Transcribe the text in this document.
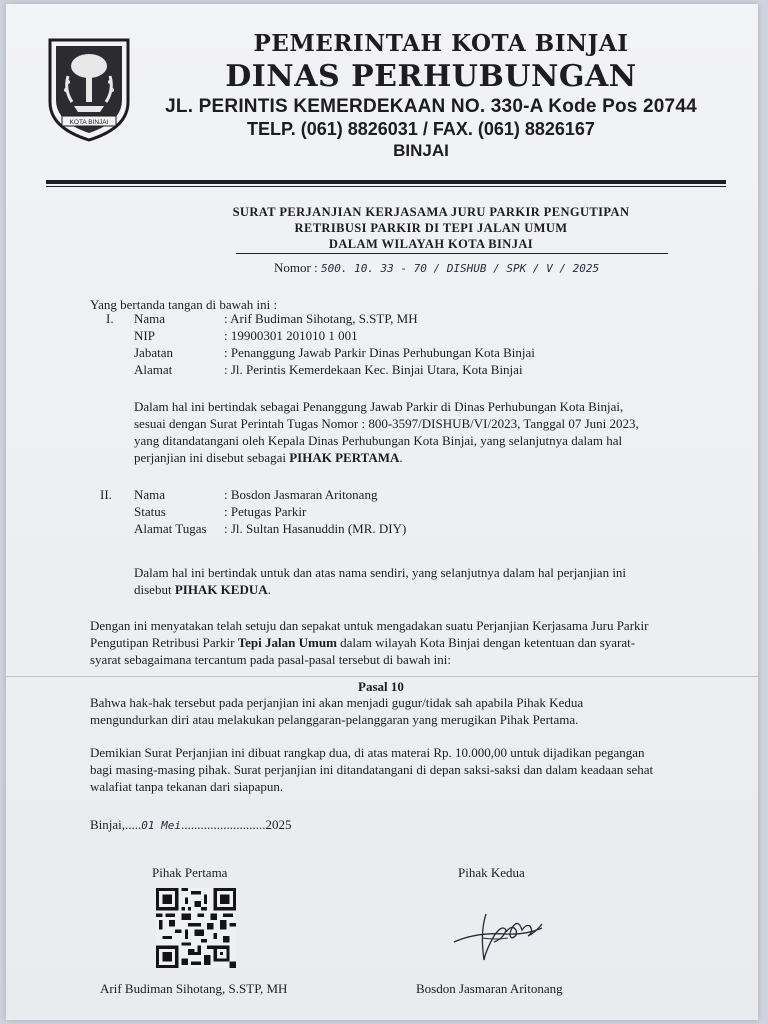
KOTA BINJAI
PEMERINTAH KOTA BINJAI
DINAS PERHUBUNGAN
JL. PERINTIS KEMERDEKAAN NO. 330-A Kode Pos 20744
TELP. (061) 8826031 / FAX. (061) 8826167
BINJAI
SURAT PERJANJIAN KERJASAMA JURU PARKIR PENGUTIPAN
RETRIBUSI PARKIR DI TEPI JALAN UMUM
DALAM WILAYAH KOTA BINJAI
Nomor : 500. 10. 33 - 70 / DISHUB / SPK / V / 2025
Yang bertanda tangan di bawah ini :
I. Nama	: Arif Budiman Sihotang, S.STP, MH
NIP	: 19900301 201010 1 001
Jabatan	: Penanggung Jawab Parkir Dinas Perhubungan Kota Binjai
Alamat	: Jl. Perintis Kemerdekaan Kec. Binjai Utara, Kota Binjai
Dalam hal ini bertindak sebagai Penanggung Jawab Parkir di Dinas Perhubungan Kota Binjai,
sesuai dengan Surat Perintah Tugas Nomor : 800-3597/DISHUB/VI/2023, Tanggal 07 Juni 2023,
yang ditandatangani oleh Kepala Dinas Perhubungan Kota Binjai, yang selanjutnya dalam hal
perjanjian ini disebut sebagai PIHAK PERTAMA.
II. Nama	: Bosdon Jasmaran Aritonang
Status	: Petugas Parkir
Alamat Tugas : Jl. Sultan Hasanuddin (MR. DIY)
Dalam hal ini bertindak untuk dan atas nama sendiri, yang selanjutnya dalam hal perjanjian ini
disebut PIHAK KEDUA.
Dengan ini menyatakan telah setuju dan sepakat untuk mengadakan suatu Perjanjian Kerjasama Juru Parkir
Pengutipan Retribusi Parkir Tepi Jalan Umum dalam wilayah Kota Binjai dengan ketentuan dan syarat-
syarat sebagaimana tercantum pada pasal-pasal tersebut di bawah ini:
Pasal 10
Bahwa hak-hak tersebut pada perjanjian ini akan menjadi gugur/tidak sah apabila Pihak Kedua
mengundurkan diri atau melakukan pelanggaran-pelanggaran yang merugikan Pihak Pertama.
Demikian Surat Perjanjian ini dibuat rangkap dua, di atas materai Rp. 10.000,00 untuk dijadikan pegangan
bagi masing-masing pihak. Surat perjanjian ini ditandatangani di depan saksi-saksi dan dalam keadaan sehat
walafiat tanpa tekanan dari siapapun.
Binjai,.....01 Mei..........................2025
Pihak Pertama	Pihak Kedua
Arif Budiman Sihotang, S.STP, MH	Bosdon Jasmaran Aritonang
